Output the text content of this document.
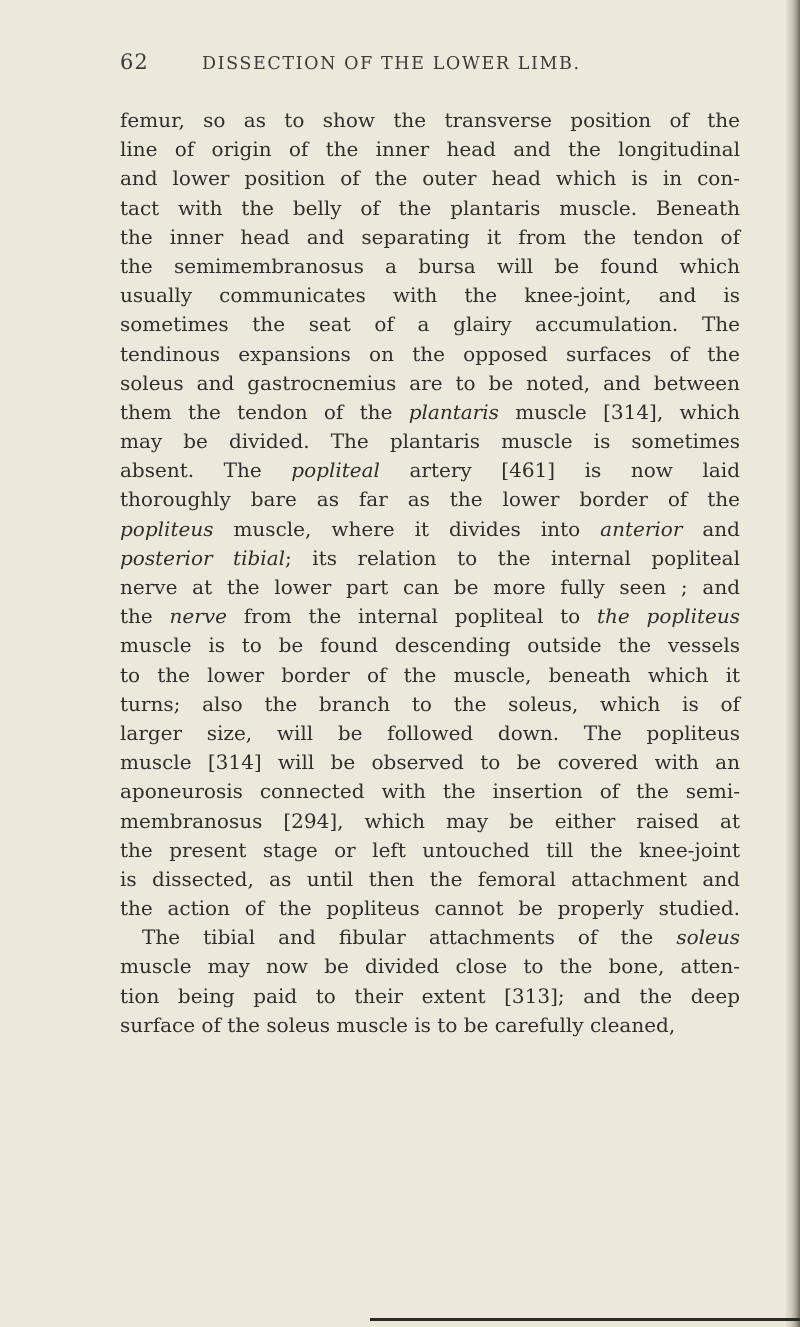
62	DISSECTION OF THE LOWER LIMB.
femur, so as to show the transverse position of the
line of origin of the inner head and the longitudinal
and lower position of the outer head which is in con-
tact with the belly of the plantaris muscle. Beneath
the inner head and separating it from the tendon of
the semimembranosus a bursa will be found which
usually communicates with the knee-joint, and is
sometimes the seat of a glairy accumulation. The
tendinous expansions on the opposed surfaces of the
soleus and gastrocnemius are to be noted, and between
them the tendon of the plantaris muscle [314], which
may be divided. The plantaris muscle is sometimes
absent. The popliteal artery [461] is now laid
thoroughly bare as far as the lower border of the
popliteus muscle, where it divides into anterior and
posterior tibial; its relation to the internal popliteal
nerve at the lower part can be more fully seen ; and
the nerve from the internal popliteal to the popliteus
muscle is to be found descending outside the vessels
to the lower border of the muscle, beneath which it
turns; also the branch to the soleus, which is of
larger size, will be followed down. The popliteus
muscle [314] will be observed to be covered with an
aponeurosis connected with the insertion of the semi-
membranosus [294], which may be either raised at
the present stage or left untouched till the knee-joint
is dissected, as until then the femoral attachment and
the action of the popliteus cannot be properly studied.
The tibial and fibular attachments of the soleus
muscle may now be divided close to the bone, atten-
tion being paid to their extent [313]; and the deep
surface of the soleus muscle is to be carefully cleaned,
